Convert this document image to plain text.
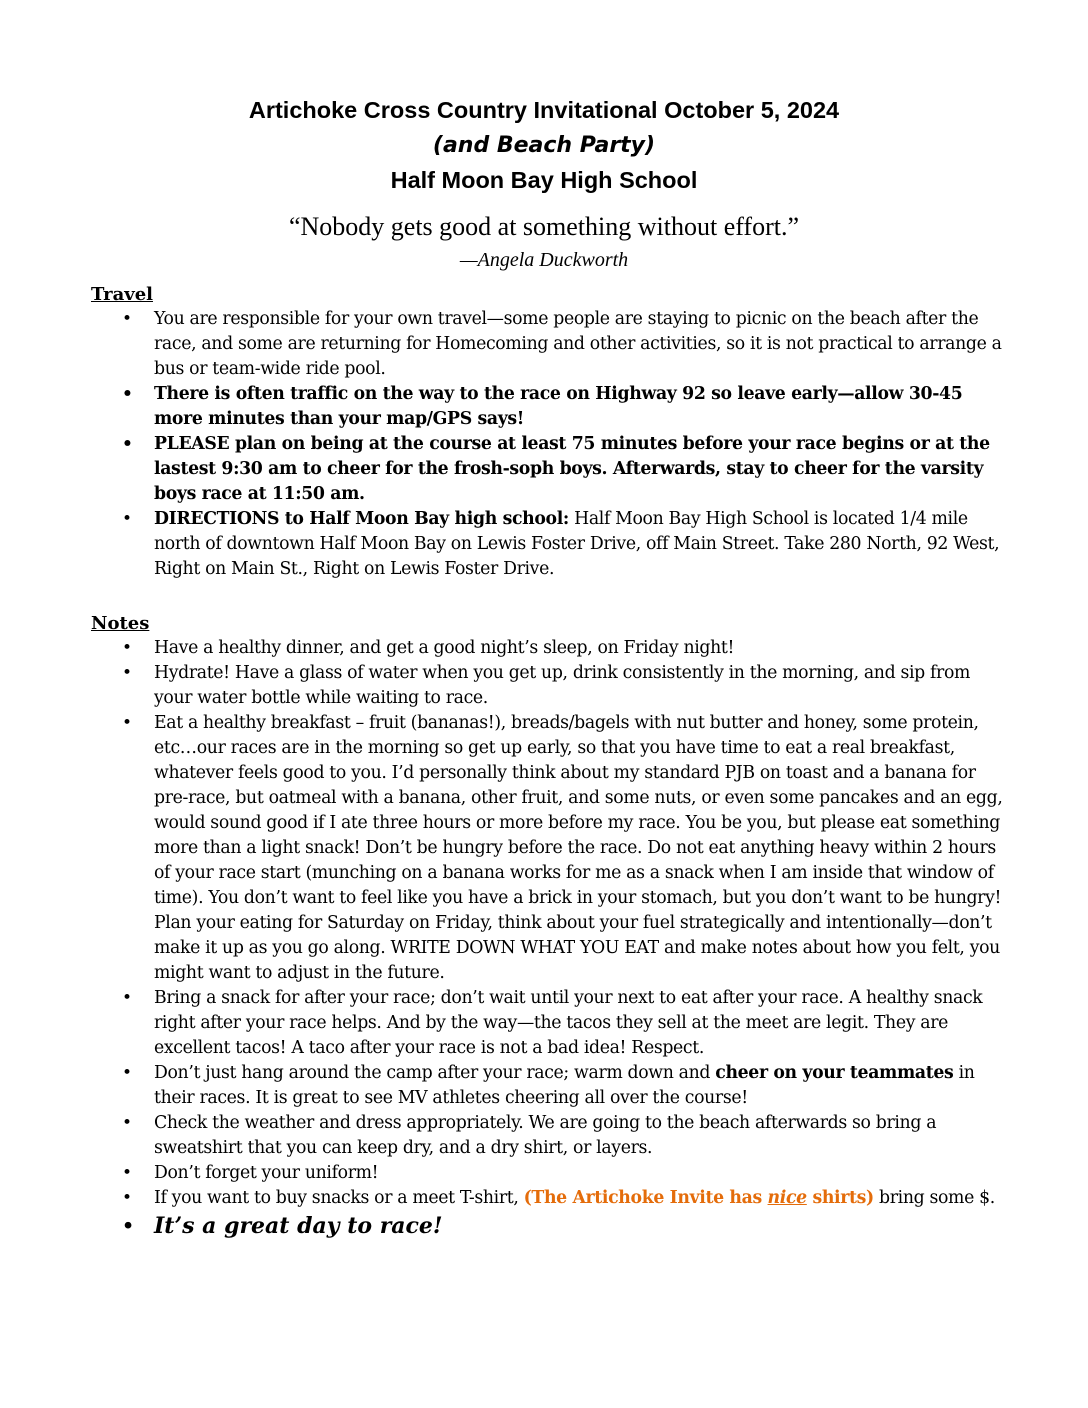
Artichoke Cross Country Invitational October 5, 2024

(and Beach Party)

Half Moon Bay High School

“Nobody gets good at something without effort.”
—Angela Duckworth

Travel

• You are responsible for your own travel—some people are staying to picnic on the beach after the race, and some are returning for Homecoming and other activities, so it is not practical to arrange a bus or team-wide ride pool.
• There is often traffic on the way to the race on Highway 92 so leave early—allow 30-45 more minutes than your map/GPS says!
• PLEASE plan on being at the course at least 75 minutes before your race begins or at the lastest 9:30 am to cheer for the frosh-soph boys. Afterwards, stay to cheer for the varsity boys race at 11:50 am.
• DIRECTIONS to Half Moon Bay high school: Half Moon Bay High School is located 1/4 mile north of downtown Half Moon Bay on Lewis Foster Drive, off Main Street. Take 280 North, 92 West, Right on Main St., Right on Lewis Foster Drive.

Notes

• Have a healthy dinner, and get a good night’s sleep, on Friday night!
• Hydrate! Have a glass of water when you get up, drink consistently in the morning, and sip from your water bottle while waiting to race.
• Eat a healthy breakfast – fruit (bananas!), breads/bagels with nut butter and honey, some protein, etc…our races are in the morning so get up early, so that you have time to eat a real breakfast, whatever feels good to you. I’d personally think about my standard PJB on toast and a banana for pre-race, but oatmeal with a banana, other fruit, and some nuts, or even some pancakes and an egg, would sound good if I ate three hours or more before my race. You be you, but please eat something more than a light snack! Don’t be hungry before the race. Do not eat anything heavy within 2 hours of your race start (munching on a banana works for me as a snack when I am inside that window of time). You don’t want to feel like you have a brick in your stomach, but you don’t want to be hungry! Plan your eating for Saturday on Friday, think about your fuel strategically and intentionally—don’t make it up as you go along. WRITE DOWN WHAT YOU EAT and make notes about how you felt, you might want to adjust in the future.
• Bring a snack for after your race; don’t wait until your next to eat after your race. A healthy snack right after your race helps. And by the way—the tacos they sell at the meet are legit. They are excellent tacos! A taco after your race is not a bad idea! Respect.
• Don’t just hang around the camp after your race; warm down and cheer on your teammates in their races. It is great to see MV athletes cheering all over the course!
• Check the weather and dress appropriately. We are going to the beach afterwards so bring a sweatshirt that you can keep dry, and a dry shirt, or layers.
• Don’t forget your uniform!
• If you want to buy snacks or a meet T-shirt, (The Artichoke Invite has nice shirts) bring some $.
• It’s a great day to race!
